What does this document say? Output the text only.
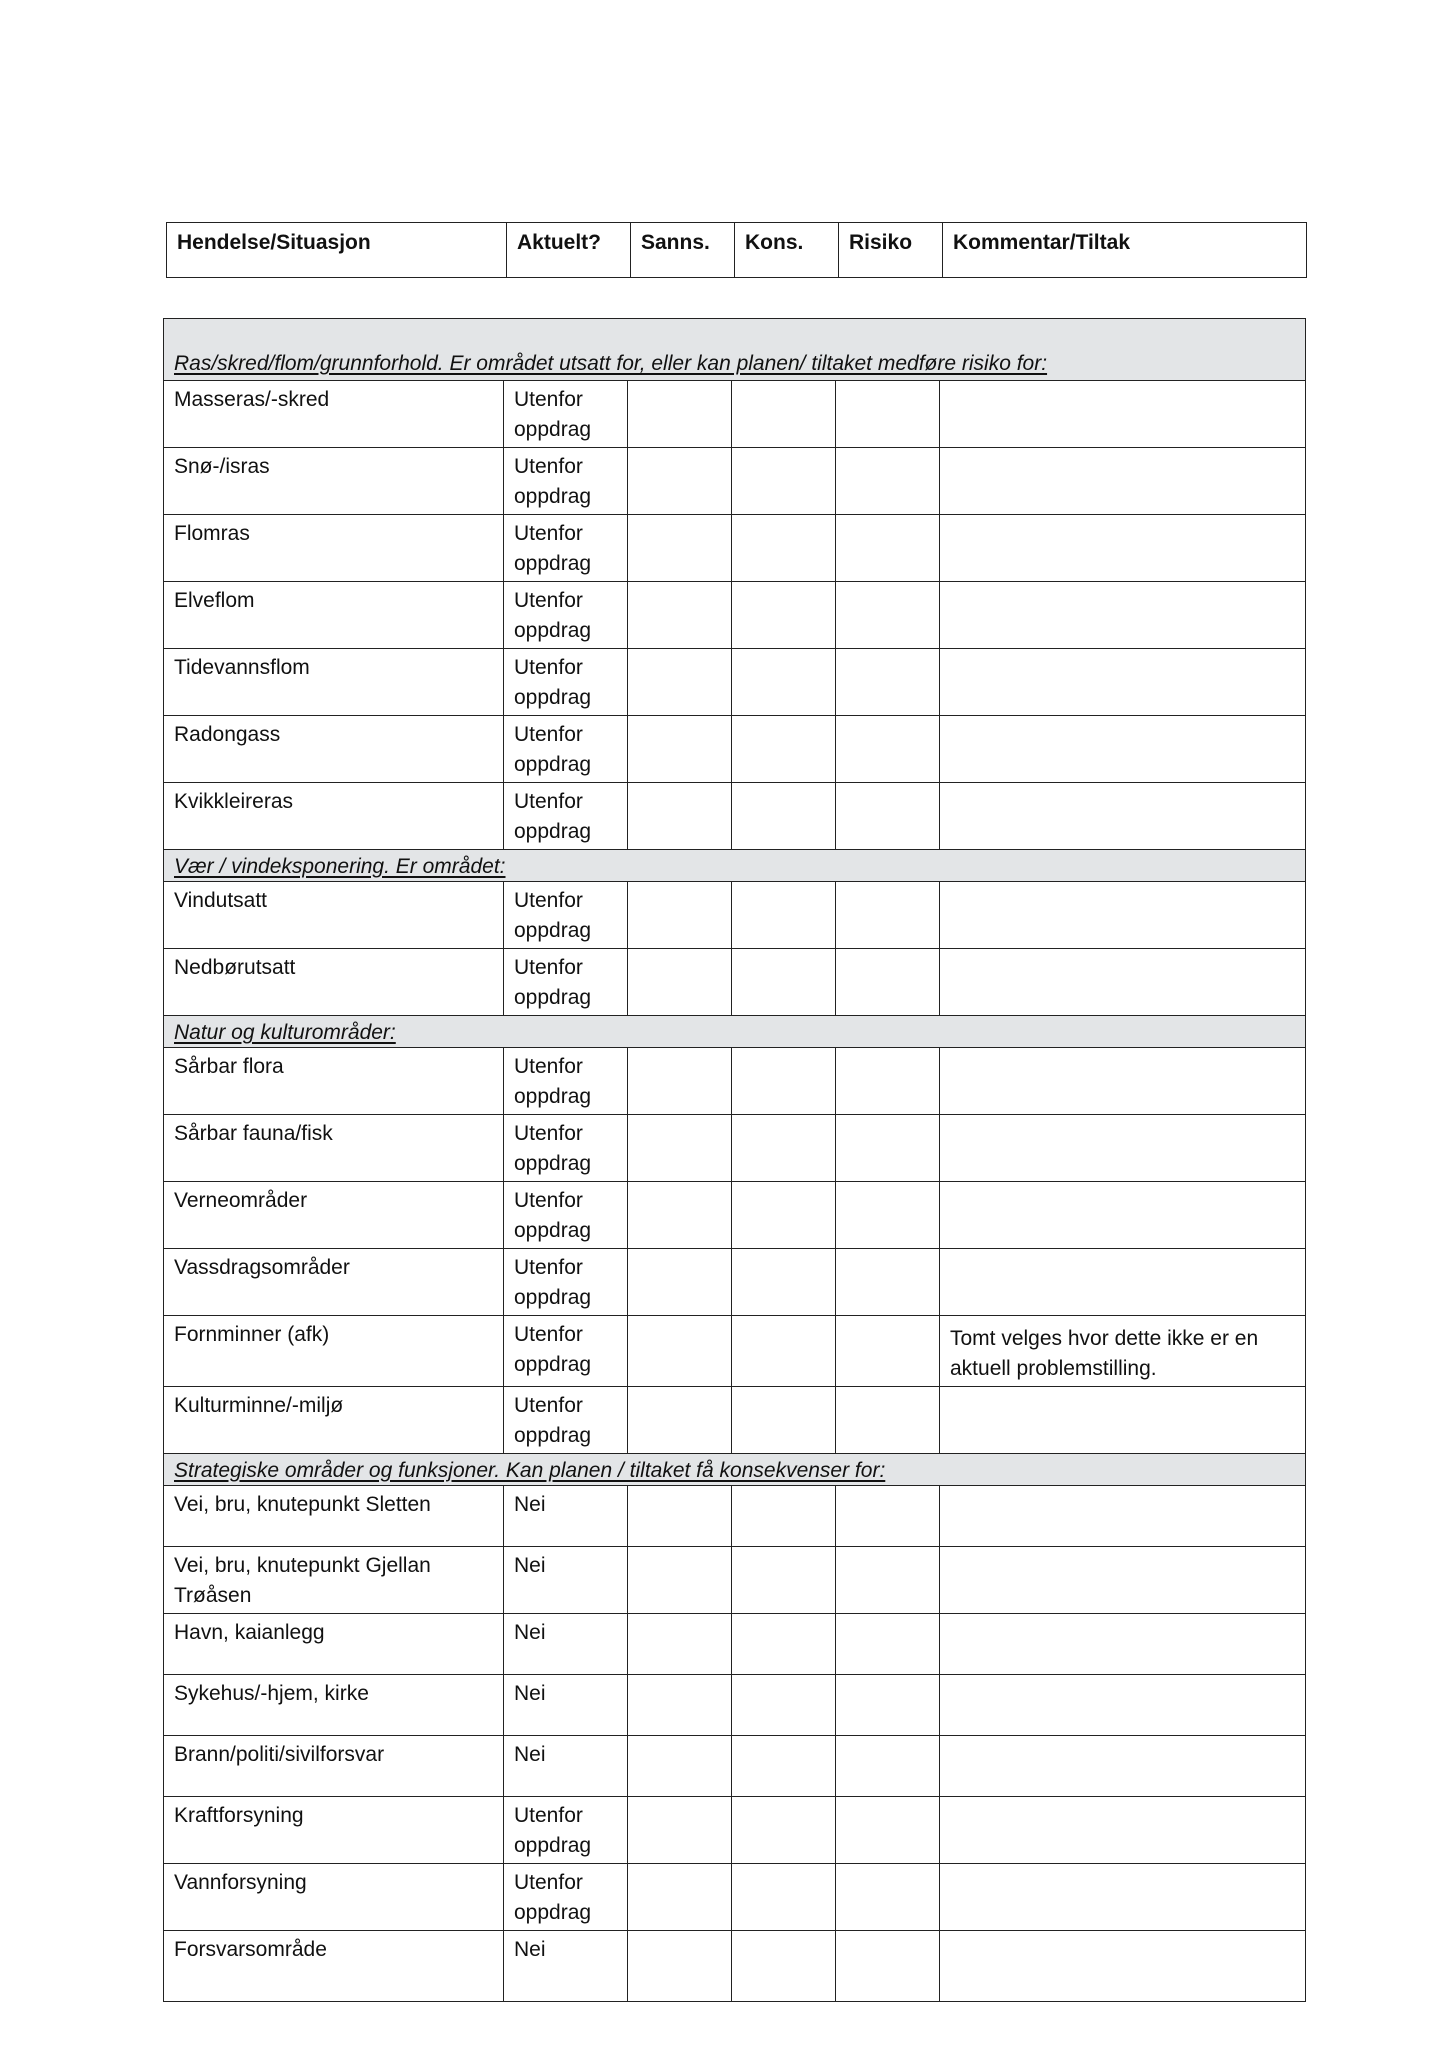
Hendelse/Situasjon	Aktuelt?	Sanns.	Kons.	Risiko	Kommentar/Tiltak
Ras/skred/flom/grunnforhold. Er området utsatt for, eller kan planen/ tiltaket medføre risiko for:					
Masseras/-skred	Utenfor oppdrag				
Snø-/isras	Utenfor oppdrag				
Flomras	Utenfor oppdrag				
Elveflom	Utenfor oppdrag				
Tidevannsflom	Utenfor oppdrag				
Radongass	Utenfor oppdrag				
Kvikkleireras	Utenfor oppdrag				
Vær / vindeksponering. Er området:					
Vindutsatt	Utenfor oppdrag				
Nedbørutsatt	Utenfor oppdrag				
Natur og kulturområder:					
Sårbar flora	Utenfor oppdrag				
Sårbar fauna/fisk	Utenfor oppdrag				
Verneområder	Utenfor oppdrag				
Vassdragsområder	Utenfor oppdrag				
Fornminner (afk)	Utenfor oppdrag				Tomt velges hvor dette ikke er en aktuell problemstilling.
Kulturminne/-miljø	Utenfor oppdrag				
Strategiske områder og funksjoner. Kan planen / tiltaket få konsekvenser for:					
Vei, bru, knutepunkt Sletten	Nei				
Vei, bru, knutepunkt Gjellan Trøåsen	Nei				
Havn, kaianlegg	Nei				
Sykehus/-hjem, kirke	Nei				
Brann/politi/sivilforsvar	Nei				
Kraftforsyning	Utenfor oppdrag				
Vannforsyning	Utenfor oppdrag				
Forsvarsområde	Nei				
